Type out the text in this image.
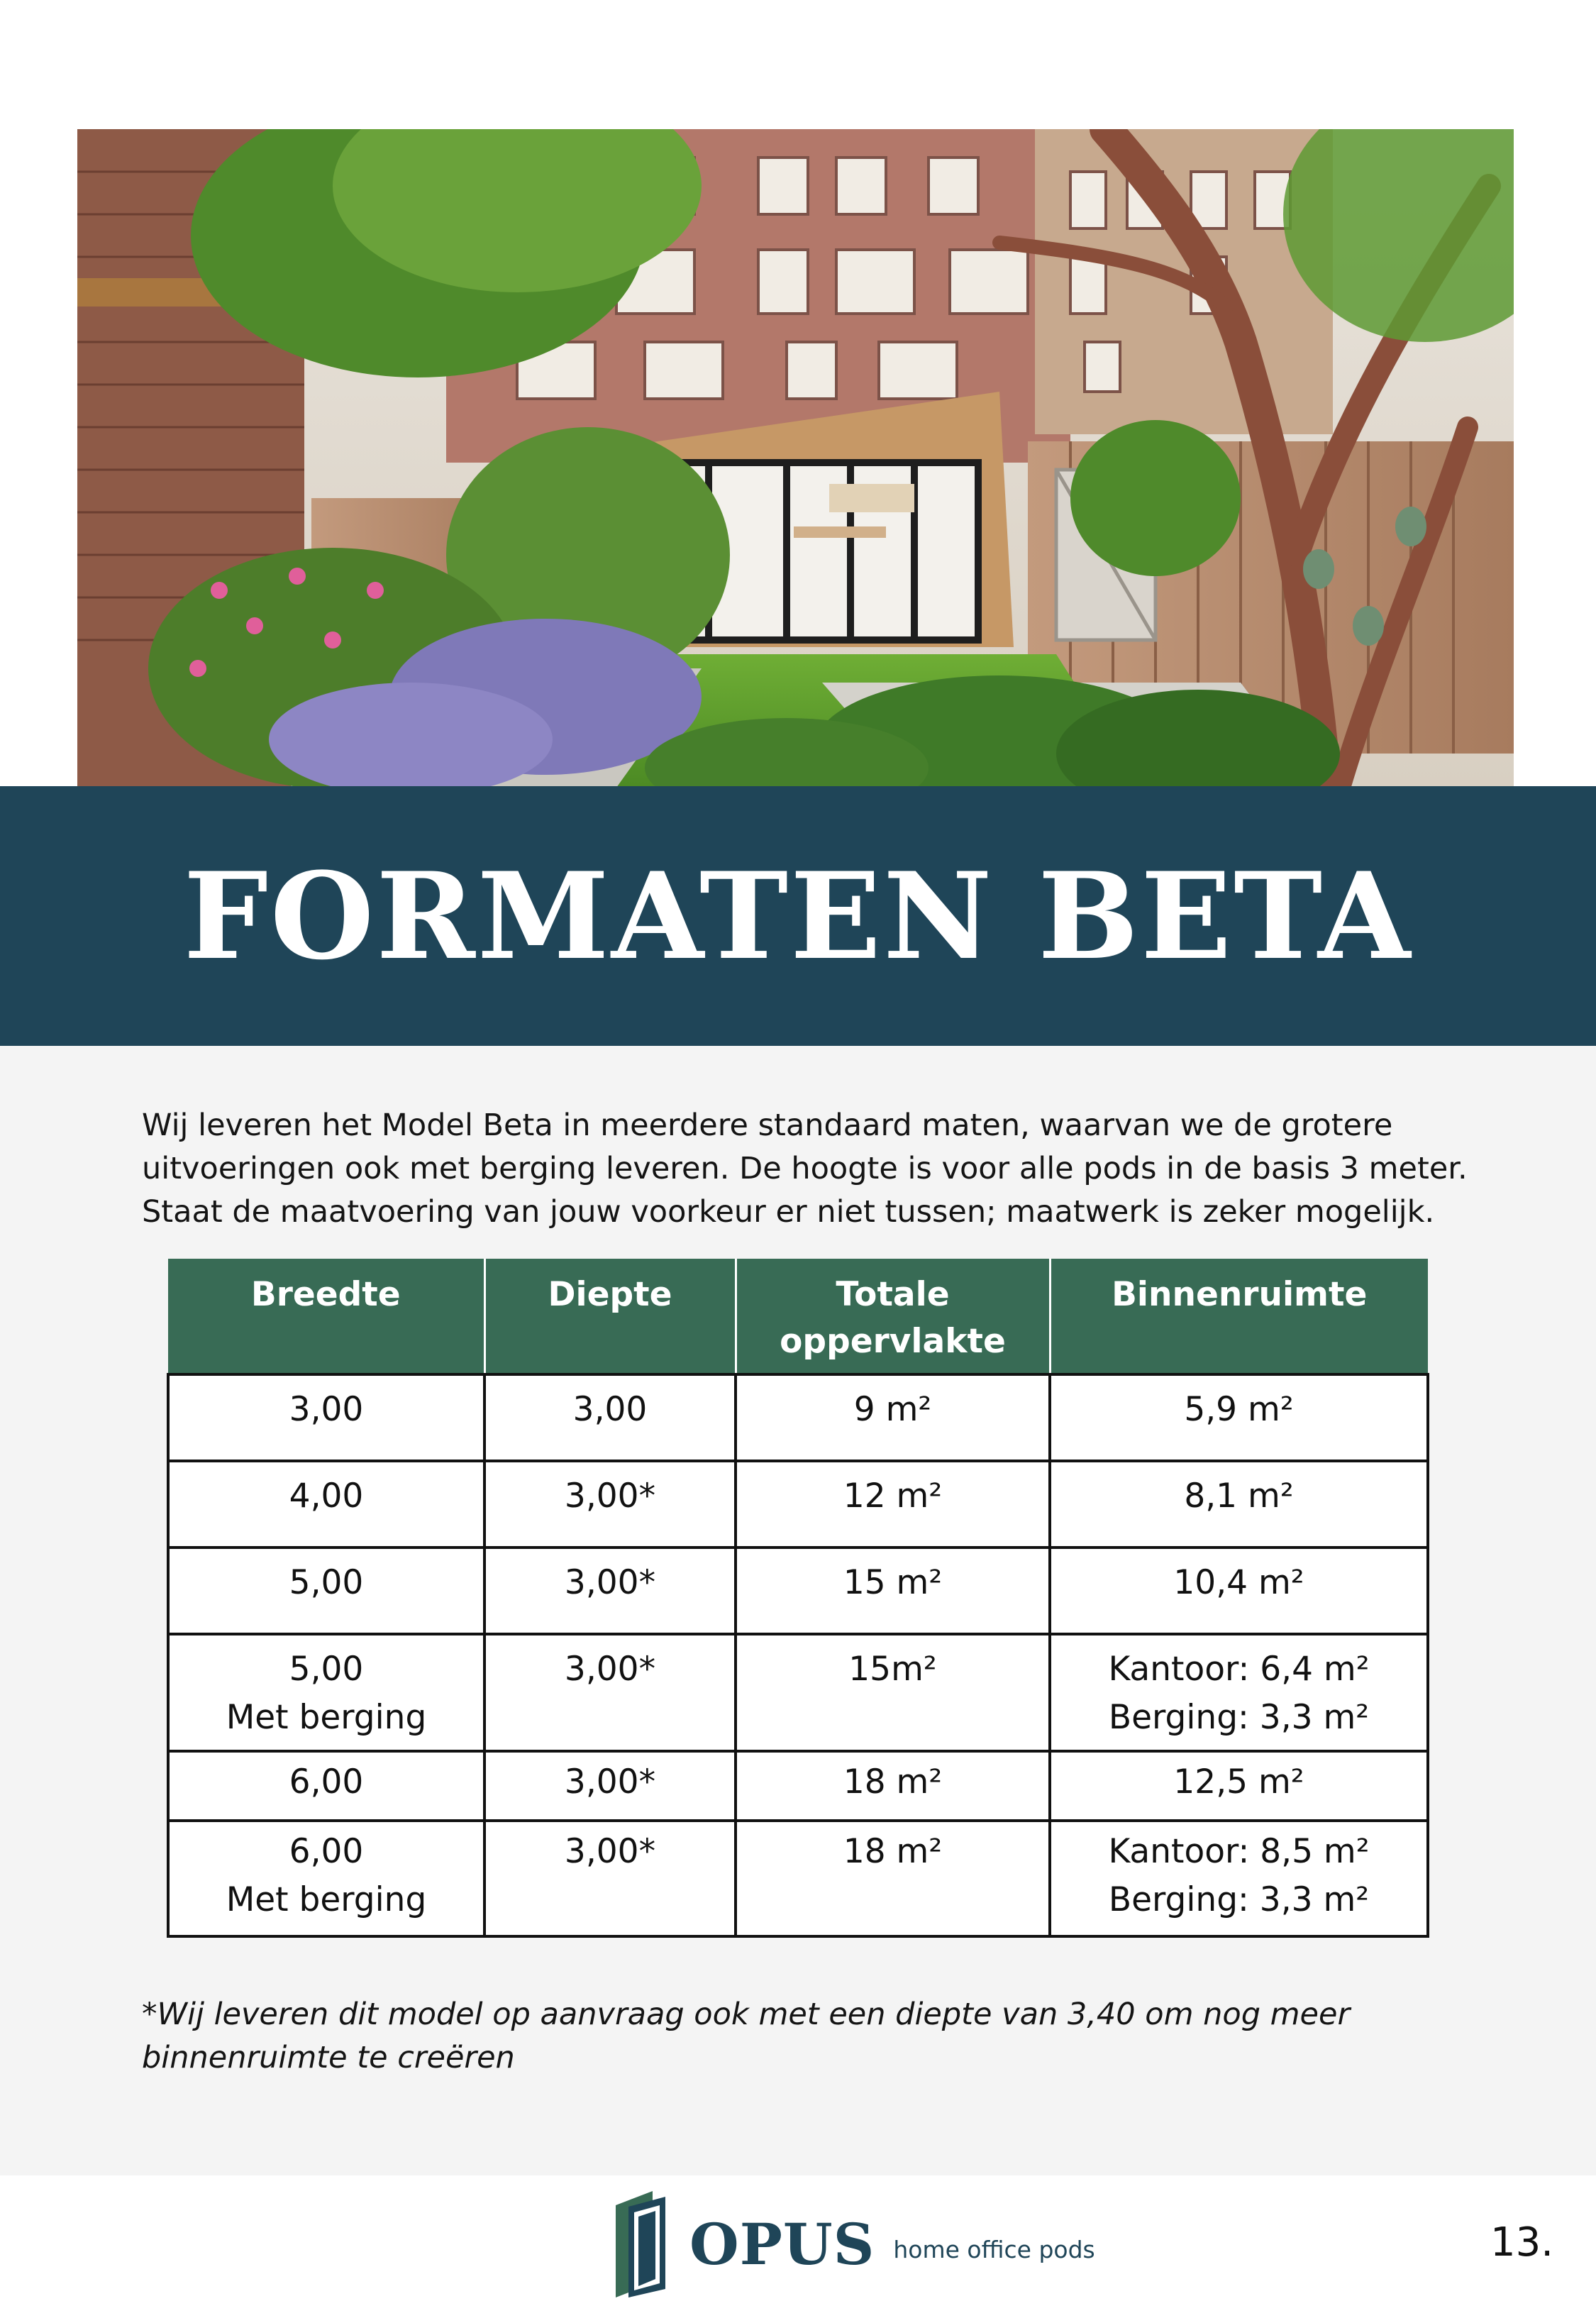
FORMATEN BETA

Wij leveren het Model Beta in meerdere standaard maten, waarvan we de grotere

uitvoeringen ook met berging leveren. De hoogte is voor alle pods in de basis 3 meter.

Staat de maatvoering van jouw voorkeur er niet tussen; maatwerk is zeker mogelijk.

Breedte	Diepte	Totale oppervlakte	Binnenruimte

3,00	3,00	9 m²	5,9 m²

4,00	3,00*	12 m²	8,1 m²

5,00	3,00*	15 m²	10,4 m²

5,00
Met berging	3,00*	15m²	Kantoor: 6,4 m²
Berging: 3,3 m²

6,00	3,00*	18 m²	12,5 m²

6,00
Met berging	3,00*	18 m²	Kantoor: 8,5 m²
Berging: 3,3 m²

*Wij leveren dit model op aanvraag ook met een diepte van 3,40 om nog meer

binnenruimte te creëren

OPUS home office pods	13.
